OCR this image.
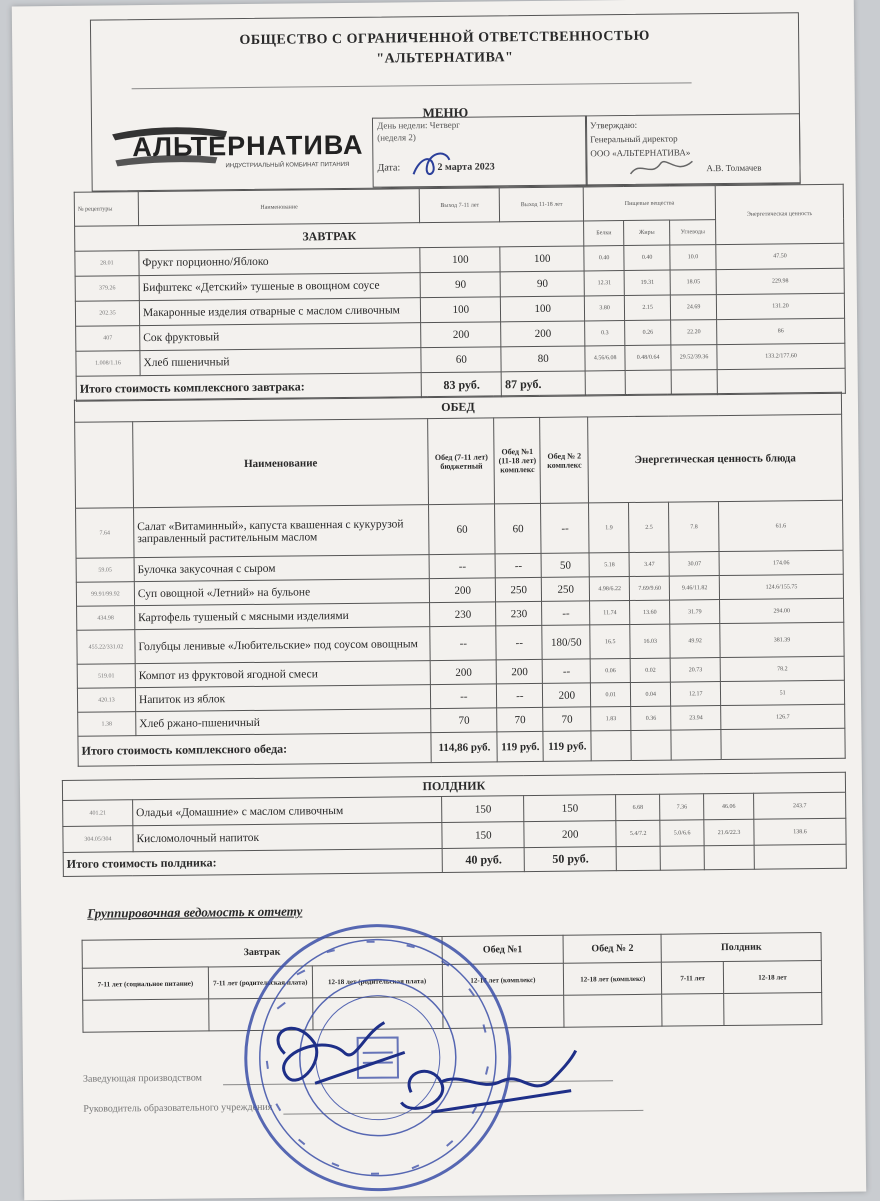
ОБЩЕСТВО С ОГРАНИЧЕННОЙ ОТВЕТСТВЕННОСТЬЮ
"АЛЬТЕРНАТИВА"
МЕНЮ
АЛЬТЕРНАТИВА
ИНДУСТРИАЛЬНЫЙ КОМБИНАТ ПИТАНИЯ
День недели: Четверг
(неделя 2)
Дата:	2 марта 2023
Утверждаю:
Генеральный директор
ООО «АЛЬТЕРНАТИВА»
А.В. Толмачев
№ рецептуры	Наименование	Выход 7-11 лет	Выход 11-18 лет	Пищевые вещества			Энергетическая ценность
ЗАВТРАК				Белки	Жиры	Углеводы	
28.01	Фрукт порционно/Яблоко	100	100	0.40	0.40	10.0	47.50
379.26	Бифштекс «Детский» тушеные в овощном соусе	90	90	12.31	19.31	18.05	229.98
202.35	Макаронные изделия отварные с маслом сливочным	100	100	3.80	2.15	24.69	131.20
407	Сок фруктовый	200	200	0.3	0.26	22.20	86
1.008/1.16	Хлеб пшеничный	60	80	4.56/6.08	0.48/0.64	29.52/39.36	133.2/177.60
Итого стоимость комплексного завтрака:		83 руб.	87 руб.				
ОБЕД								
	Наименование	Обед (7-11 лет) бюджетный	Обед №1 (11-18 лет) комплекс	Обед № 2 комплекс	Энергетическая ценность блюда			
7.64	Салат «Витаминный», капуста квашенная с кукурузой заправленный растительным маслом	60	60	--	1.9	2.5	7.8	61.6
59.05	Булочка закусочная с сыром	--	--	50	5.18	3.47	30.07	174.06
99.91/99.92	Суп овощной «Летний» на бульоне	200	250	250	4.98/6.22	7.69/9.60	9.46/11.82	124.6/155.75
434.98	Картофель тушеный с мясными изделиями	230	230	--	11.74	13.60	31.79	294.00
455.22/331.02	Голубцы ленивые «Любительские» под соусом овощным	--	--	180/50	16.5	16.03	49.92	381.39
519.01	Компот из фруктовой ягодной смеси	200	200	--	0.06	0.02	20.73	78.2
420.13	Напиток из яблок	--	--	200	0.01	0.04	12.17	51
1.38	Хлеб ржано-пшеничный	70	70	70	1.83	0.36	23.94	126.7
Итого стоимость комплексного обеда:		114,86 руб.	119 руб.	119 руб.				
ПОЛДНИК							
401.21	Оладьи «Домашние» с маслом сливочным	150	150	6.68	7.36	46.06	243.7
304.05/304	Кисломолочный напиток	150	200	5.4/7.2	5.0/6.6	21.6/22.3	138.6
Итого стоимость полдника:		40 руб.	50 руб.				
Группировочная ведомость к отчету
Завтрак			Обед №1	Обед № 2	Полдник	
7-11 лет (социальное питание)	7-11 лет (родительская плата)	12-18 лет (родительская плата)	12-18 лет (комплекс)	12-18 лет (комплекс)	7-11 лет	12-18 лет

Заведующая производством
Руководитель образовательного учреждения
